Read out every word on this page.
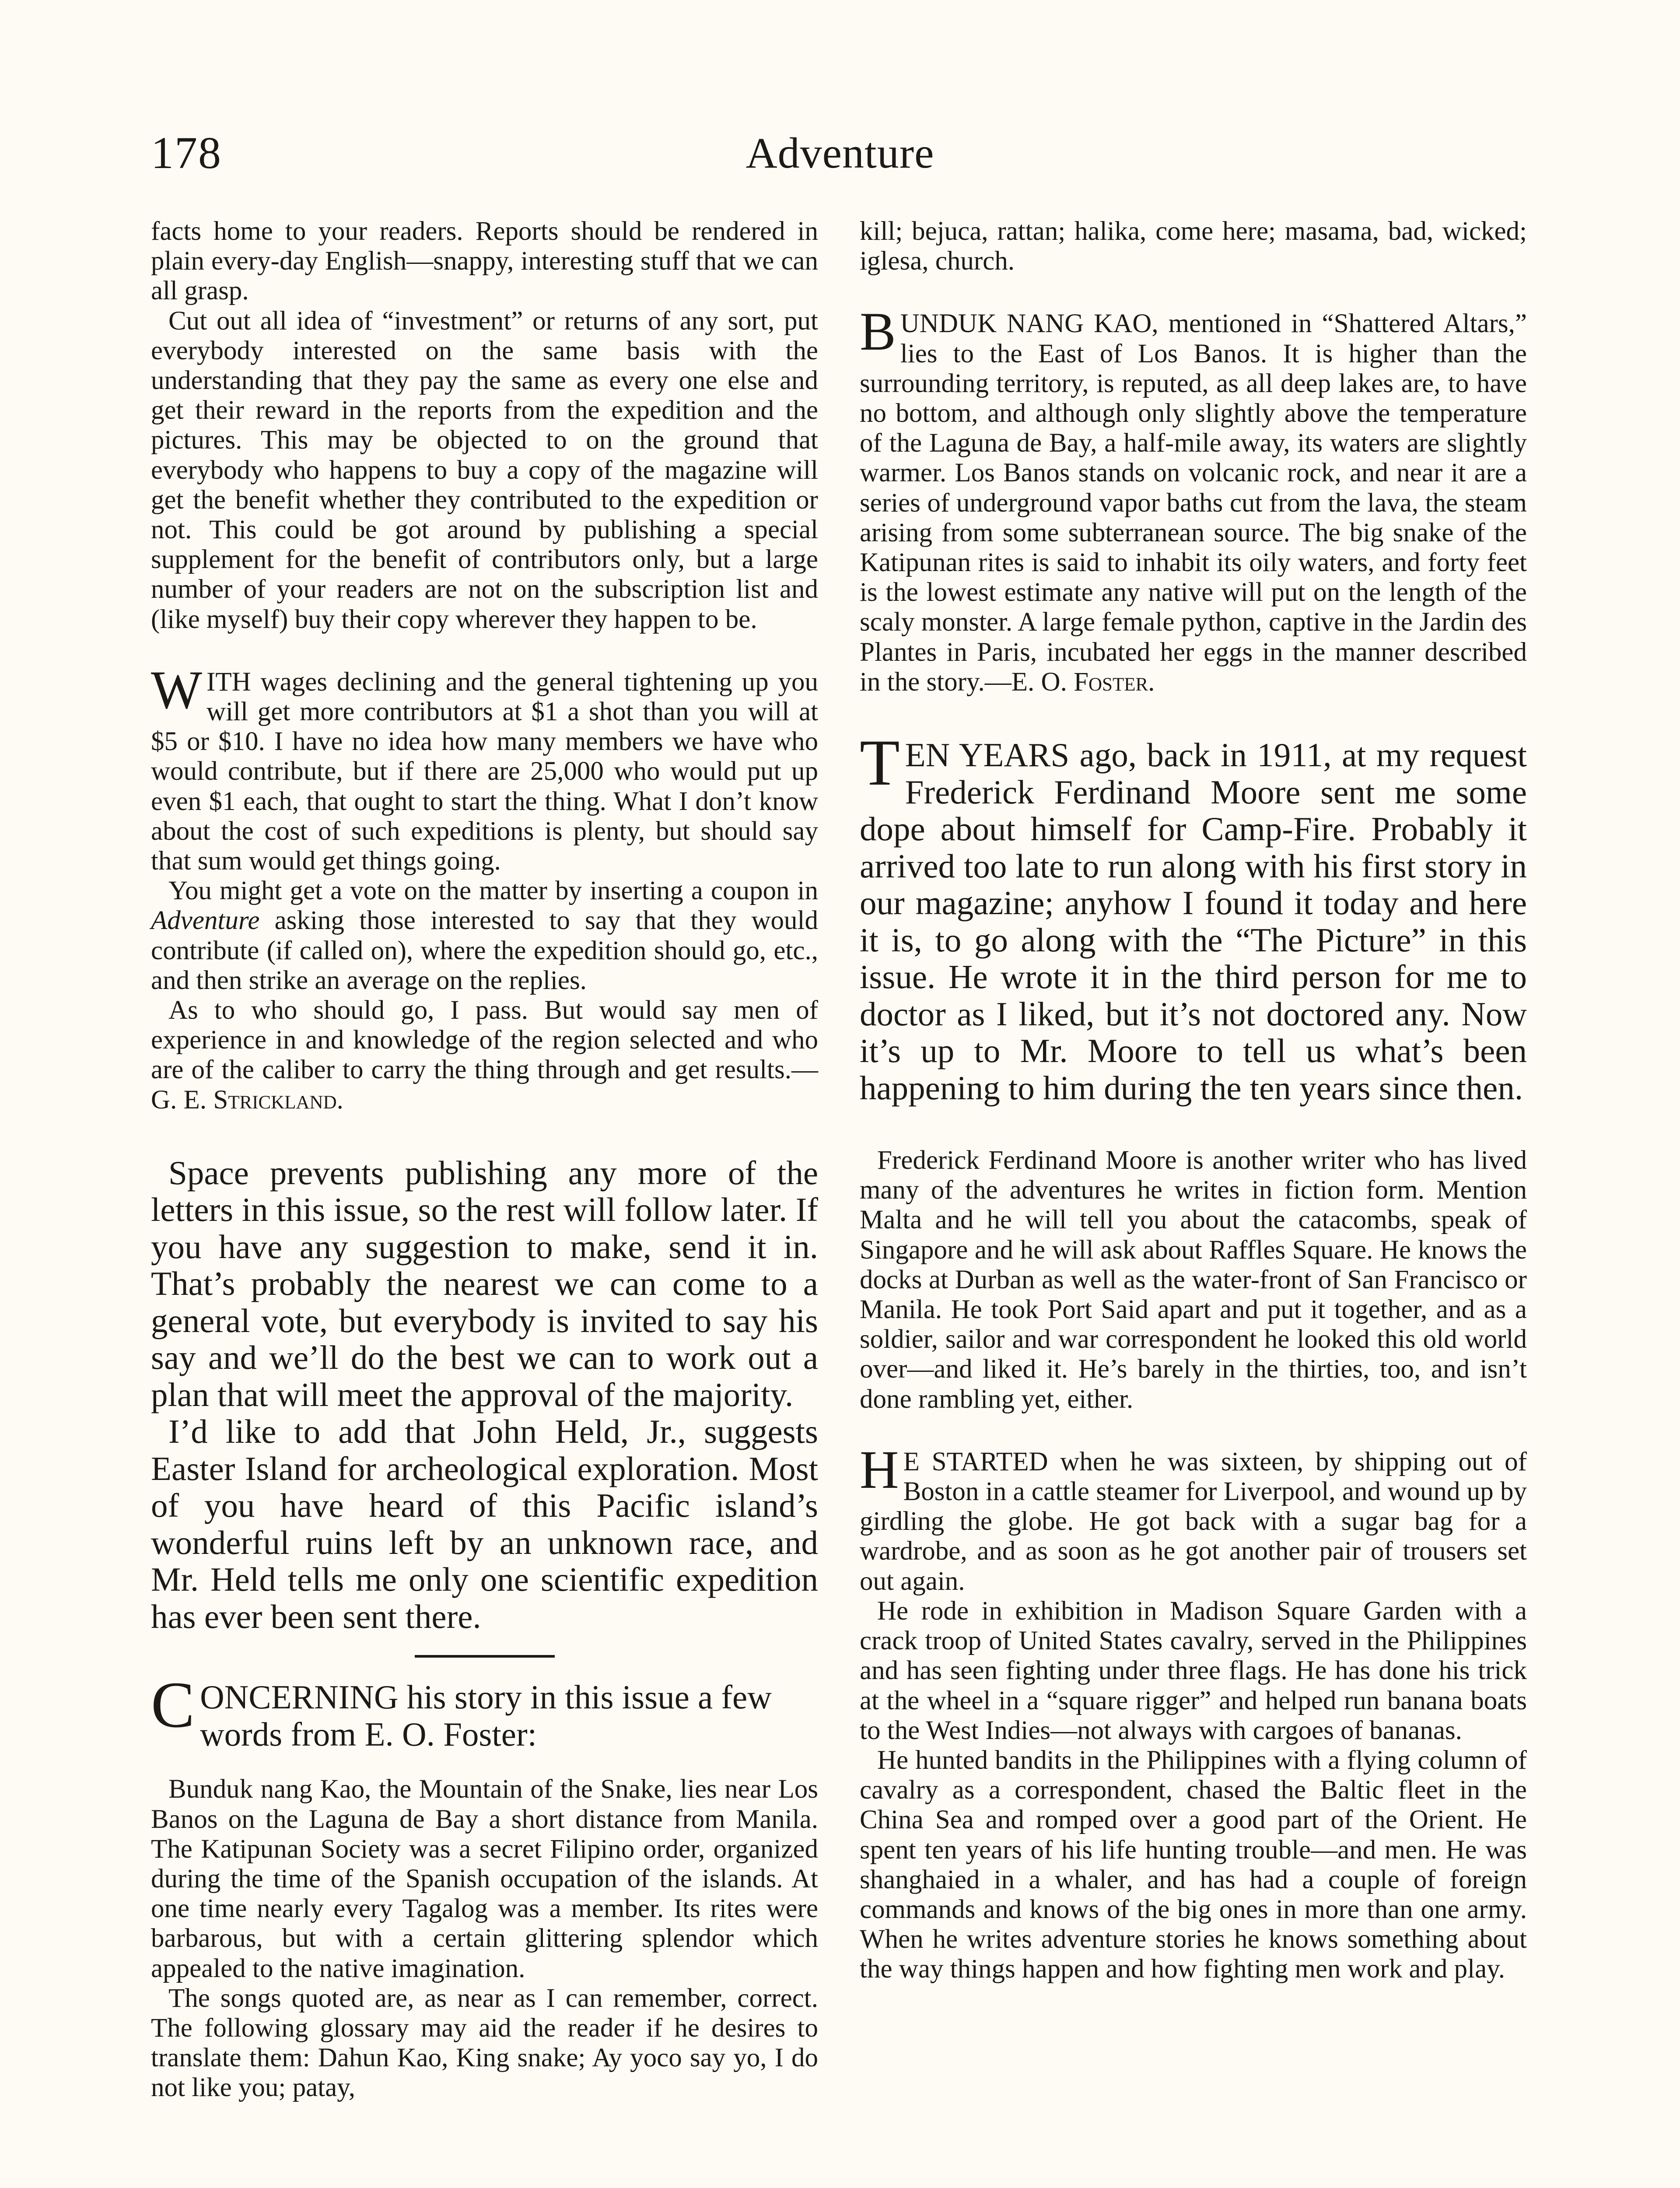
178	Adventure

facts home to your readers. Reports should be rendered in plain every-day English—snappy, interesting stuff that we can all grasp.

Cut out all idea of “investment” or returns of any sort, put everybody interested on the same basis with the understanding that they pay the same as every one else and get their reward in the reports from the expedition and the pictures. This may be objected to on the ground that everybody who happens to buy a copy of the magazine will get the benefit whether they contributed to the expedition or not. This could be got around by publishing a special supplement for the benefit of contributors only, but a large number of your readers are not on the subscription list and (like myself) buy their copy wherever they happen to be.

WITH wages declining and the general tightening up you will get more contributors at $1 a shot than you will at $5 or $10. I have no idea how many members we have who would contribute, but if there are 25,000 who would put up even $1 each, that ought to start the thing. What I don’t know about the cost of such expeditions is plenty, but should say that sum would get things going.

You might get a vote on the matter by inserting a coupon in Adventure asking those interested to say that they would contribute (if called on), where the expedition should go, etc., and then strike an average on the replies.

As to who should go, I pass. But would say men of experience in and knowledge of the region selected and who are of the caliber to carry the thing through and get results.—G. E. Strickland.

Space prevents publishing any more of the letters in this issue, so the rest will follow later. If you have any suggestion to make, send it in. That’s probably the nearest we can come to a general vote, but everybody is invited to say his say and we’ll do the best we can to work out a plan that will meet the approval of the majority.

I’d like to add that John Held, Jr., suggests Easter Island for archeological exploration. Most of you have heard of this Pacific island’s wonderful ruins left by an unknown race, and Mr. Held tells me only one scientific expedition has ever been sent there.

CONCERNING his story in this issue a few words from E. O. Foster:

Bunduk nang Kao, the Mountain of the Snake, lies near Los Banos on the Laguna de Bay a short distance from Manila. The Katipunan Society was a secret Filipino order, organized during the time of the Spanish occupation of the islands. At one time nearly every Tagalog was a member. Its rites were barbarous, but with a certain glittering splendor which appealed to the native imagination.

The songs quoted are, as near as I can remember, correct. The following glossary may aid the reader if he desires to translate them: Dahun Kao, King snake; Ay yoco say yo, I do not like you; patay,

kill; bejuca, rattan; halika, come here; masama, bad, wicked; iglesa, church.

BUNDUK NANG KAO, mentioned in “Shattered Altars,” lies to the East of Los Banos. It is higher than the surrounding territory, is reputed, as all deep lakes are, to have no bottom, and although only slightly above the temperature of the Laguna de Bay, a half-mile away, its waters are slightly warmer. Los Banos stands on volcanic rock, and near it are a series of underground vapor baths cut from the lava, the steam arising from some subterranean source. The big snake of the Katipunan rites is said to inhabit its oily waters, and forty feet is the lowest estimate any native will put on the length of the scaly monster. A large female python, captive in the Jardin des Plantes in Paris, incubated her eggs in the manner described in the story.—E. O. Foster.

TEN YEARS ago, back in 1911, at my request Frederick Ferdinand Moore sent me some dope about himself for Camp-Fire. Probably it arrived too late to run along with his first story in our magazine; anyhow I found it today and here it is, to go along with the “The Picture” in this issue. He wrote it in the third person for me to doctor as I liked, but it’s not doctored any. Now it’s up to Mr. Moore to tell us what’s been happening to him during the ten years since then.

Frederick Ferdinand Moore is another writer who has lived many of the adventures he writes in fiction form. Mention Malta and he will tell you about the catacombs, speak of Singapore and he will ask about Raffles Square. He knows the docks at Durban as well as the water-front of San Francisco or Manila. He took Port Said apart and put it together, and as a soldier, sailor and war correspondent he looked this old world over—and liked it. He’s barely in the thirties, too, and isn’t done rambling yet, either.

H E STARTED when he was sixteen, by shipping out of Boston in a cattle steamer for Liverpool, and wound up by girdling the globe. He got back with a sugar bag for a wardrobe, and as soon as he got another pair of trousers set out again.

He rode in exhibition in Madison Square Garden with a crack troop of United States cavalry, served in the Philippines and has seen fighting under three flags. He has done his trick at the wheel in a “square rigger” and helped run banana boats to the West Indies—not always with cargoes of bananas.

He hunted bandits in the Philippines with a flying column of cavalry as a correspondent, chased the Baltic fleet in the China Sea and romped over a good part of the Orient. He spent ten years of his life hunting trouble—and men. He was shanghaied in a whaler, and has had a couple of foreign commands and knows of the big ones in more than one army. When he writes adventure stories he knows something about the way things happen and how fighting men work and play.
